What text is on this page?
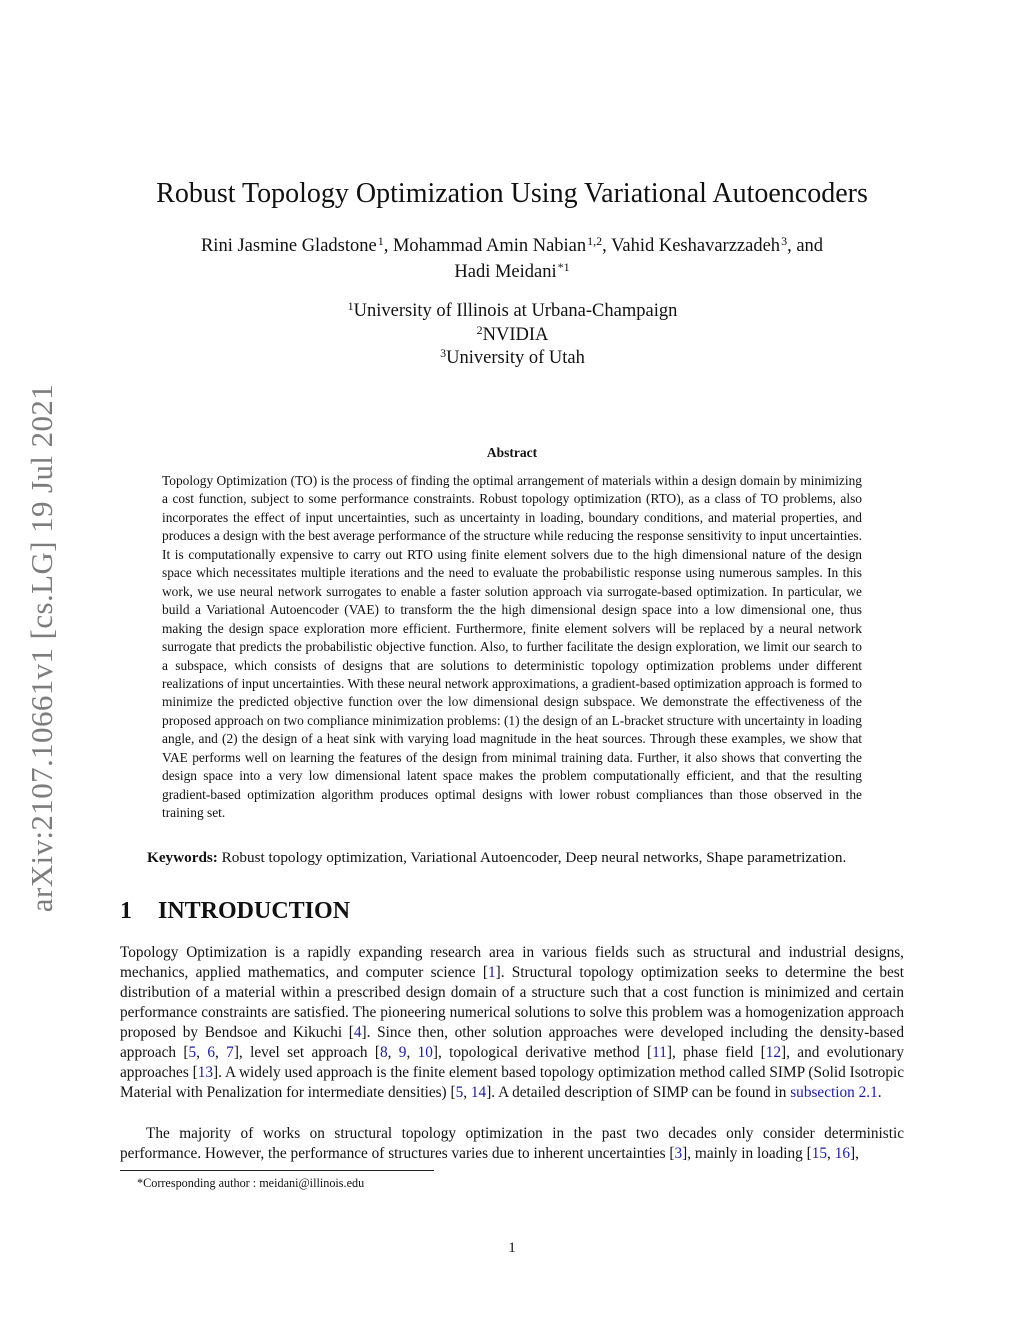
arXiv:2107.10661v1 [cs.LG] 19 Jul 2021
Robust Topology Optimization Using Variational Autoencoders
Rini Jasmine Gladstone$^1$, Mohammad Amin Nabian$^{1,2}$, Vahid Keshavarzzadeh$^3$, and
Hadi Meidani$^{*1}$
$^1$University of Illinois at Urbana-Champaign
$^2$NVIDIA
$^3$University of Utah
Abstract

Topology Optimization (TO) is the process of finding the optimal arrangement of materials within a design domain by minimizing a cost function, subject to some performance constraints. Robust topology optimization (RTO), as a class of TO problems, also incorporates the effect of input uncertainties, such as uncertainty in loading, boundary conditions, and material properties, and produces a design with the best average performance of the structure while reducing the response sensitivity to input uncertainties. It is computationally expensive to carry out RTO using finite element solvers due to the high dimensional nature of the design space which necessitates multiple iterations and the need to evaluate the probabilistic response using numerous samples. In this work, we use neural network surrogates to enable a faster solution approach via surrogate-based optimization. In particular, we build a Variational Autoencoder (VAE) to transform the the high dimensional design space into a low dimensional one, thus making the design space exploration more efficient. Furthermore, finite element solvers will be replaced by a neural network surrogate that predicts the probabilistic objective function. Also, to further facilitate the design exploration, we limit our search to a subspace, which consists of designs that are solutions to deterministic topology optimization problems under different realizations of input uncertainties. With these neural network approximations, a gradient-based optimization approach is formed to minimize the predicted objective function over the low dimensional design subspace. We demonstrate the effectiveness of the proposed approach on two compliance minimization problems: (1) the design of an L-bracket structure with uncertainty in loading angle, and (2) the design of a heat sink with varying load magnitude in the heat sources. Through these examples, we show that VAE performs well on learning the features of the design from minimal training data. Further, it also shows that converting the design space into a very low dimensional latent space makes the problem computationally efficient, and that the resulting gradient-based optimization algorithm produces optimal designs with lower robust compliances than those observed in the training set.

Keywords: Robust topology optimization, Variational Autoencoder, Deep neural networks, Shape parametrization.
1 INTRODUCTION

Topology Optimization is a rapidly expanding research area in various fields such as structural and industrial designs, mechanics, applied mathematics, and computer science [1]. Structural topology optimization seeks to determine the best distribution of a material within a prescribed design domain of a structure such that a cost function is minimized and certain performance constraints are satisfied. The pioneering numerical solutions to solve this problem was a homogenization approach proposed by Bendsoe and Kikuchi [4]. Since then, other solution approaches were developed including the density-based approach [5, 6, 7], level set approach [8, 9, 10], topological derivative method [11], phase field [12], and evolutionary approaches [13]. A widely used approach is the finite element based topology optimization method called SIMP (Solid Isotropic Material with Penalization for intermediate densities) [5, 14]. A detailed description of SIMP can be found in subsection 2.1.

The majority of works on structural topology optimization in the past two decades only consider deterministic performance. However, the performance of structures varies due to inherent uncertainties [3], mainly in loading [15, 16],

*Corresponding author : meidani@illinois.edu
1
